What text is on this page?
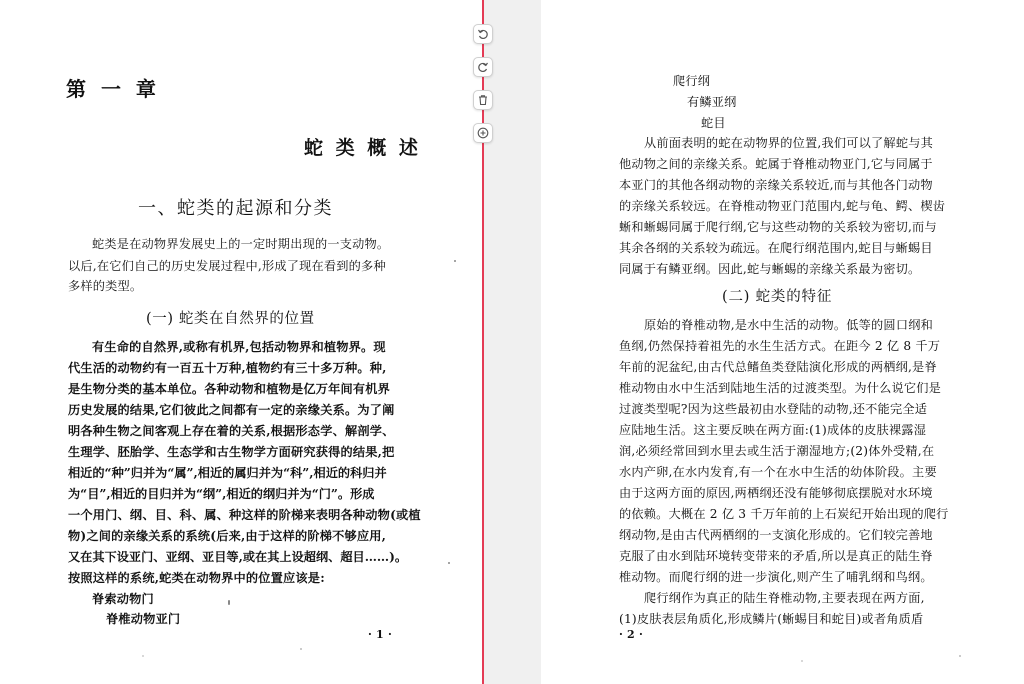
第 一 章
蛇 类 概 述
一、蛇类的起源和分类
蛇类是在动物界发展史上的一定时期出现的一支动物。
以后,在它们自己的历史发展过程中,形成了现在看到的多种
多样的类型。
(一) 蛇类在自然界的位置
有生命的自然界,或称有机界,包括动物界和植物界。现
代生活的动物约有一百五十万种,植物约有三十多万种。种,
是生物分类的基本单位。各种动物和植物是亿万年间有机界
历史发展的结果,它们彼此之间都有一定的亲缘关系。为了阐
明各种生物之间客观上存在着的关系,根据形态学、解剖学、
生理学、胚胎学、生态学和古生物学方面研究获得的结果,把
相近的“种”归并为“属”,相近的属归并为“科”,相近的科归并
为“目”,相近的目归并为“纲”,相近的纲归并为“门”。形成
一个用门、纲、目、科、属、种这样的阶梯来表明各种动物(或植
物)之间的亲缘关系的系统(后来,由于这样的阶梯不够应用,
又在其下设亚门、亚纲、亚目等,或在其上设超纲、超目……)。
按照这样的系统,蛇类在动物界中的位置应该是:
脊索动物门
脊椎动物亚门
· 1 ·
爬行纲
有鳞亚纲
蛇目
从前面表明的蛇在动物界的位置,我们可以了解蛇与其
他动物之间的亲缘关系。蛇属于脊椎动物亚门,它与同属于
本亚门的其他各纲动物的亲缘关系较近,而与其他各门动物
的亲缘关系较远。在脊椎动物亚门范围内,蛇与龟、鳄、楔齿
蜥和蜥蜴同属于爬行纲,它与这些动物的关系较为密切,而与
其余各纲的关系较为疏远。在爬行纲范围内,蛇目与蜥蜴目
同属于有鳞亚纲。因此,蛇与蜥蜴的亲缘关系最为密切。
(二) 蛇类的特征
原始的脊椎动物,是水中生活的动物。低等的圆口纲和
鱼纲,仍然保持着祖先的水生生活方式。在距今 2 亿 8 千万
年前的泥盆纪,由古代总鳍鱼类登陆演化形成的两栖纲,是脊
椎动物由水中生活到陆地生活的过渡类型。为什么说它们是
过渡类型呢?因为这些最初由水登陆的动物,还不能完全适
应陆地生活。这主要反映在两方面:(1)成体的皮肤裸露湿
润,必须经常回到水里去或生活于潮湿地方;(2)体外受精,在
水内产卵,在水内发育,有一个在水中生活的幼体阶段。主要
由于这两方面的原因,两栖纲还没有能够彻底摆脱对水环境
的依赖。大概在 2 亿 3 千万年前的上石炭纪开始出现的爬行
纲动物,是由古代两栖纲的一支演化形成的。它们较完善地
克服了由水到陆环境转变带来的矛盾,所以是真正的陆生脊
椎动物。而爬行纲的进一步演化,则产生了哺乳纲和鸟纲。
爬行纲作为真正的陆生脊椎动物,主要表现在两方面,
(1)皮肤表层角质化,形成鳞片(蜥蜴目和蛇目)或者角质盾
· 2 ·
